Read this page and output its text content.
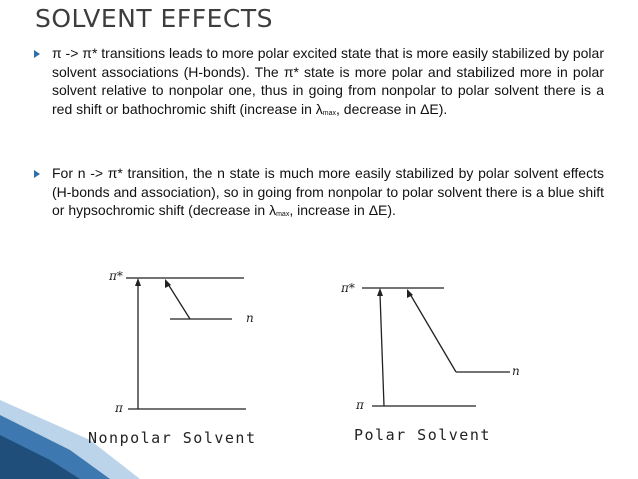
SOLVENT EFFECTS
π -> π* transitions leads to more polar excited state that is more easily stabilized by polar solvent associations (H-bonds). The π* state is more polar and stabilized more in polar solvent relative to nonpolar one, thus in going from nonpolar to polar solvent there is a red shift or bathochromic shift (increase in $\lambda_{max}$, decrease in ΔE).
For n -> π* transition, the n state is much more easily stabilized by polar solvent effects (H-bonds and association), so in going from nonpolar to polar solvent there is a blue shift or hypsochromic shift (decrease in $\lambda_{max}$, increase in ΔE).
π*
n
π
Nonpolar Solvent
π*
n
π
Polar Solvent
